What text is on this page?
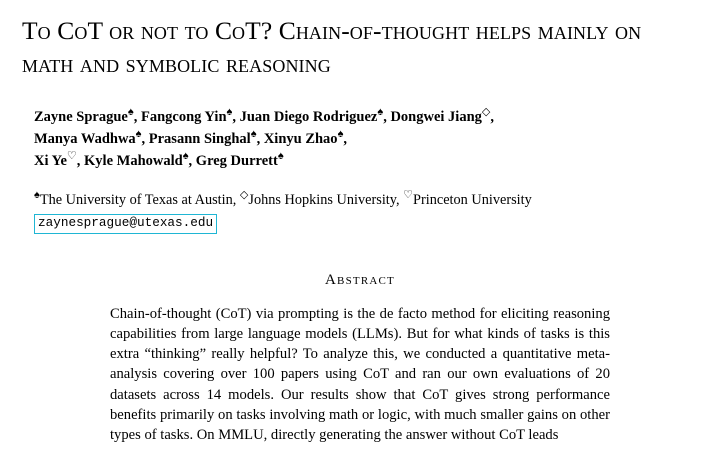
To CoT or not to CoT? Chain-of-thought helps mainly on math and symbolic reasoning
Zayne Sprague♠, Fangcong Yin♠, Juan Diego Rodriguez♠, Dongwei Jiang◇,
Manya Wadhwa♠, Prasann Singhal♠, Xinyu Zhao♠,
Xi Ye♡, Kyle Mahowald♠, Greg Durrett♠
♠The University of Texas at Austin, ◇Johns Hopkins University, ♡Princeton University
zaynesprague@utexas.edu
Abstract
Chain-of-thought (CoT) via prompting is the de facto method for eliciting reasoning capabilities from large language models (LLMs). But for what kinds of tasks is this extra “thinking” really helpful? To analyze this, we conducted a quantitative meta-analysis covering over 100 papers using CoT and ran our own evaluations of 20 datasets across 14 models. Our results show that CoT gives strong performance benefits primarily on tasks involving math or logic, with much smaller gains on other types of tasks. On MMLU, directly generating the answer without CoT leads
